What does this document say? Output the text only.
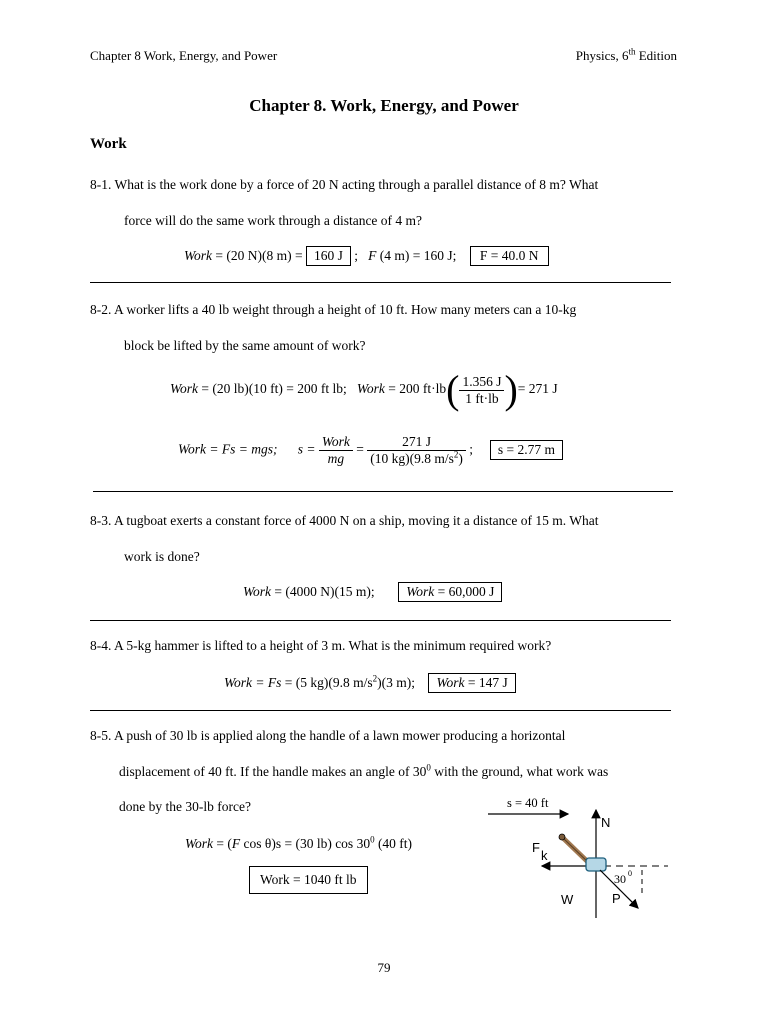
Chapter 8 Work, Energy, and Power	Physics, 6th Edition
Chapter 8. Work, Energy, and Power
Work
8-1. What is the work done by a force of 20 N acting through a parallel distance of 8 m? What
force will do the same work through a distance of 4 m?
Work = (20 N)(8 m) = 160 J ; F (4 m) = 160 J; F = 40.0 N
8-2. A worker lifts a 40 lb weight through a height of 10 ft. How many meters can a 10-kg
block be lifted by the same amount of work?
Work = (20 lb)(10 ft) = 200 ft lb; Work = 200 $ft\cdot lb( \frac{1.356 J}{1 ft\cdot lb}$ )= 271 J
Work = Fs = mgs; $s = \frac{\text{Work}}{mg} = \frac{271 J}{(10 kg)(9.8 m/s^2)}$ ; s = 2.77 m
8-3. A tugboat exerts a constant force of 4000 N on a ship, moving it a distance of 15 m. What
work is done?
Work = (4000 N)(15 m); Work = 60,000 J
8-4. A 5-kg hammer is lifted to a height of 3 m. What is the minimum required work?
Work = Fs = (5 kg)(9.8 $m/s^2)(3$ m); Work = 147 J
8-5. A push of 30 lb is applied along the handle of a lawn mower producing a horizontal
displacement of 40 ft. If the handle makes an angle of $30^0$ with the ground, what work was
done by the 30-lb force?
Work = (F cos θ)s = (30 lb) $\cos 30^0$ (40 ft)
Work = 1040 ft lb
s = 40 ft
N
W
F
k
P
30 0
79
